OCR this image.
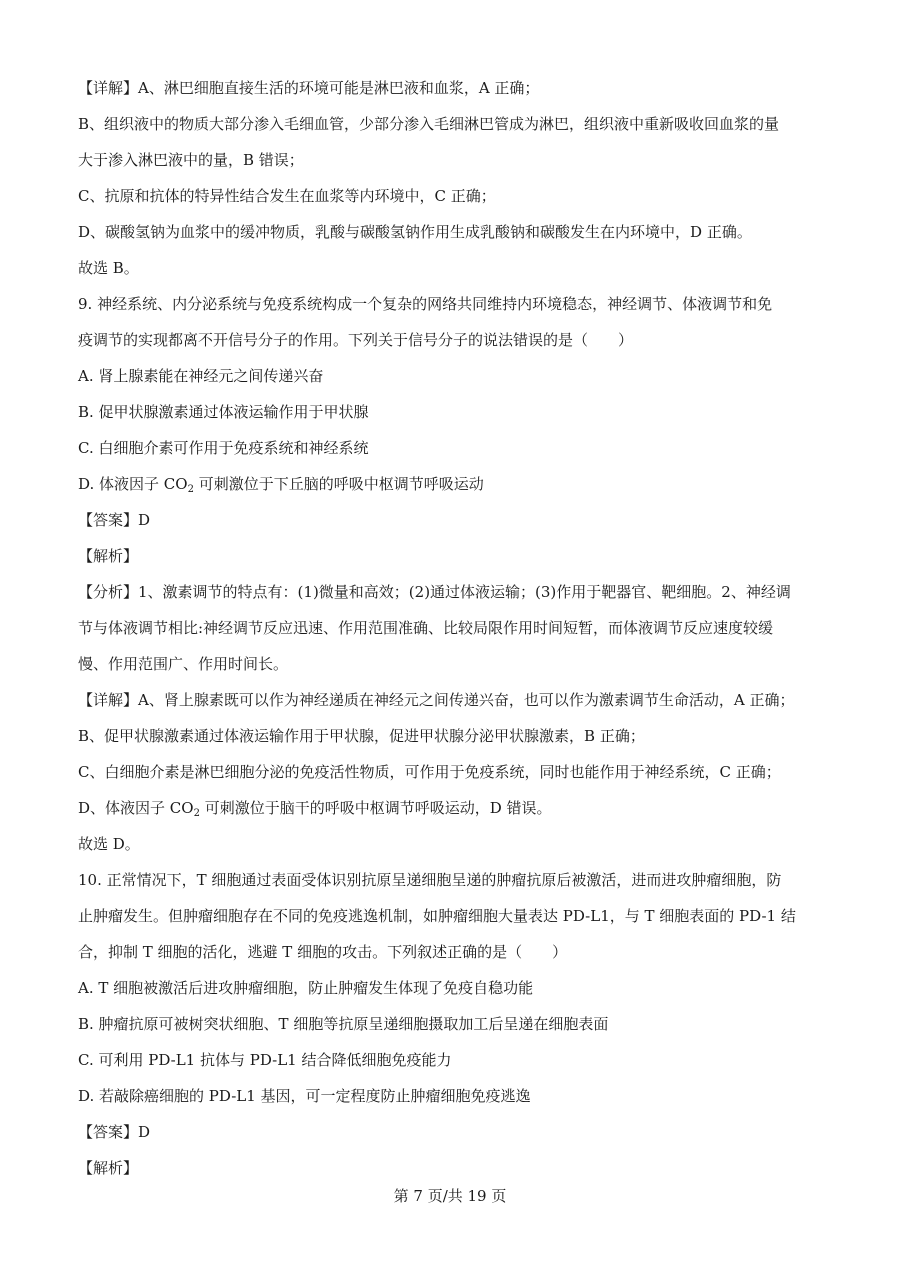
【详解】A、淋巴细胞直接生活的环境可能是淋巴液和血浆，A 正确；
B、组织液中的物质大部分渗入毛细血管，少部分渗入毛细淋巴管成为淋巴，组织液中重新吸收回血浆的量
大于渗入淋巴液中的量，B 错误；
C、抗原和抗体的特异性结合发生在血浆等内环境中，C 正确；
D、碳酸氢钠为血浆中的缓冲物质，乳酸与碳酸氢钠作用生成乳酸钠和碳酸发生在内环境中，D 正确。
故选 B。
9. 神经系统、内分泌系统与免疫系统构成一个复杂的网络共同维持内环境稳态，神经调节、体液调节和免
疫调节的实现都离不开信号分子的作用。下列关于信号分子的说法错误的是（　　）
A. 肾上腺素能在神经元之间传递兴奋
B. 促甲状腺激素通过体液运输作用于甲状腺
C. 白细胞介素可作用于免疫系统和神经系统
D. 体液因子 $CO_2$ 可刺激位于下丘脑的呼吸中枢调节呼吸运动
【答案】D
【解析】
【分析】1、激素调节的特点有：(1)微量和高效；(2)通过体液运输；(3)作用于靶器官、靶细胞。2、神经调
节与体液调节相比:神经调节反应迅速、作用范围准确、比较局限作用时间短暂，而体液调节反应速度较缓
慢、作用范围广、作用时间长。
【详解】A、肾上腺素既可以作为神经递质在神经元之间传递兴奋，也可以作为激素调节生命活动，A 正确；
B、促甲状腺激素通过体液运输作用于甲状腺，促进甲状腺分泌甲状腺激素，B 正确；
C、白细胞介素是淋巴细胞分泌的免疫活性物质，可作用于免疫系统，同时也能作用于神经系统，C 正确；
D、体液因子 $CO_2$ 可刺激位于脑干的呼吸中枢调节呼吸运动，D 错误。
故选 D。
10. 正常情况下，T 细胞通过表面受体识别抗原呈递细胞呈递的肿瘤抗原后被激活，进而进攻肿瘤细胞，防
止肿瘤发生。但肿瘤细胞存在不同的免疫逃逸机制，如肿瘤细胞大量表达 PD-L1，与 T 细胞表面的 PD-1 结
合，抑制 T 细胞的活化，逃避 T 细胞的攻击。下列叙述正确的是（　　）
A. T 细胞被激活后进攻肿瘤细胞，防止肿瘤发生体现了免疫自稳功能
B. 肿瘤抗原可被树突状细胞、T 细胞等抗原呈递细胞摄取加工后呈递在细胞表面
C. 可利用 PD-L1 抗体与 PD-L1 结合降低细胞免疫能力
D. 若敲除癌细胞的 PD-L1 基因，可一定程度防止肿瘤细胞免疫逃逸
【答案】D
【解析】
第 7 页/共 19 页
